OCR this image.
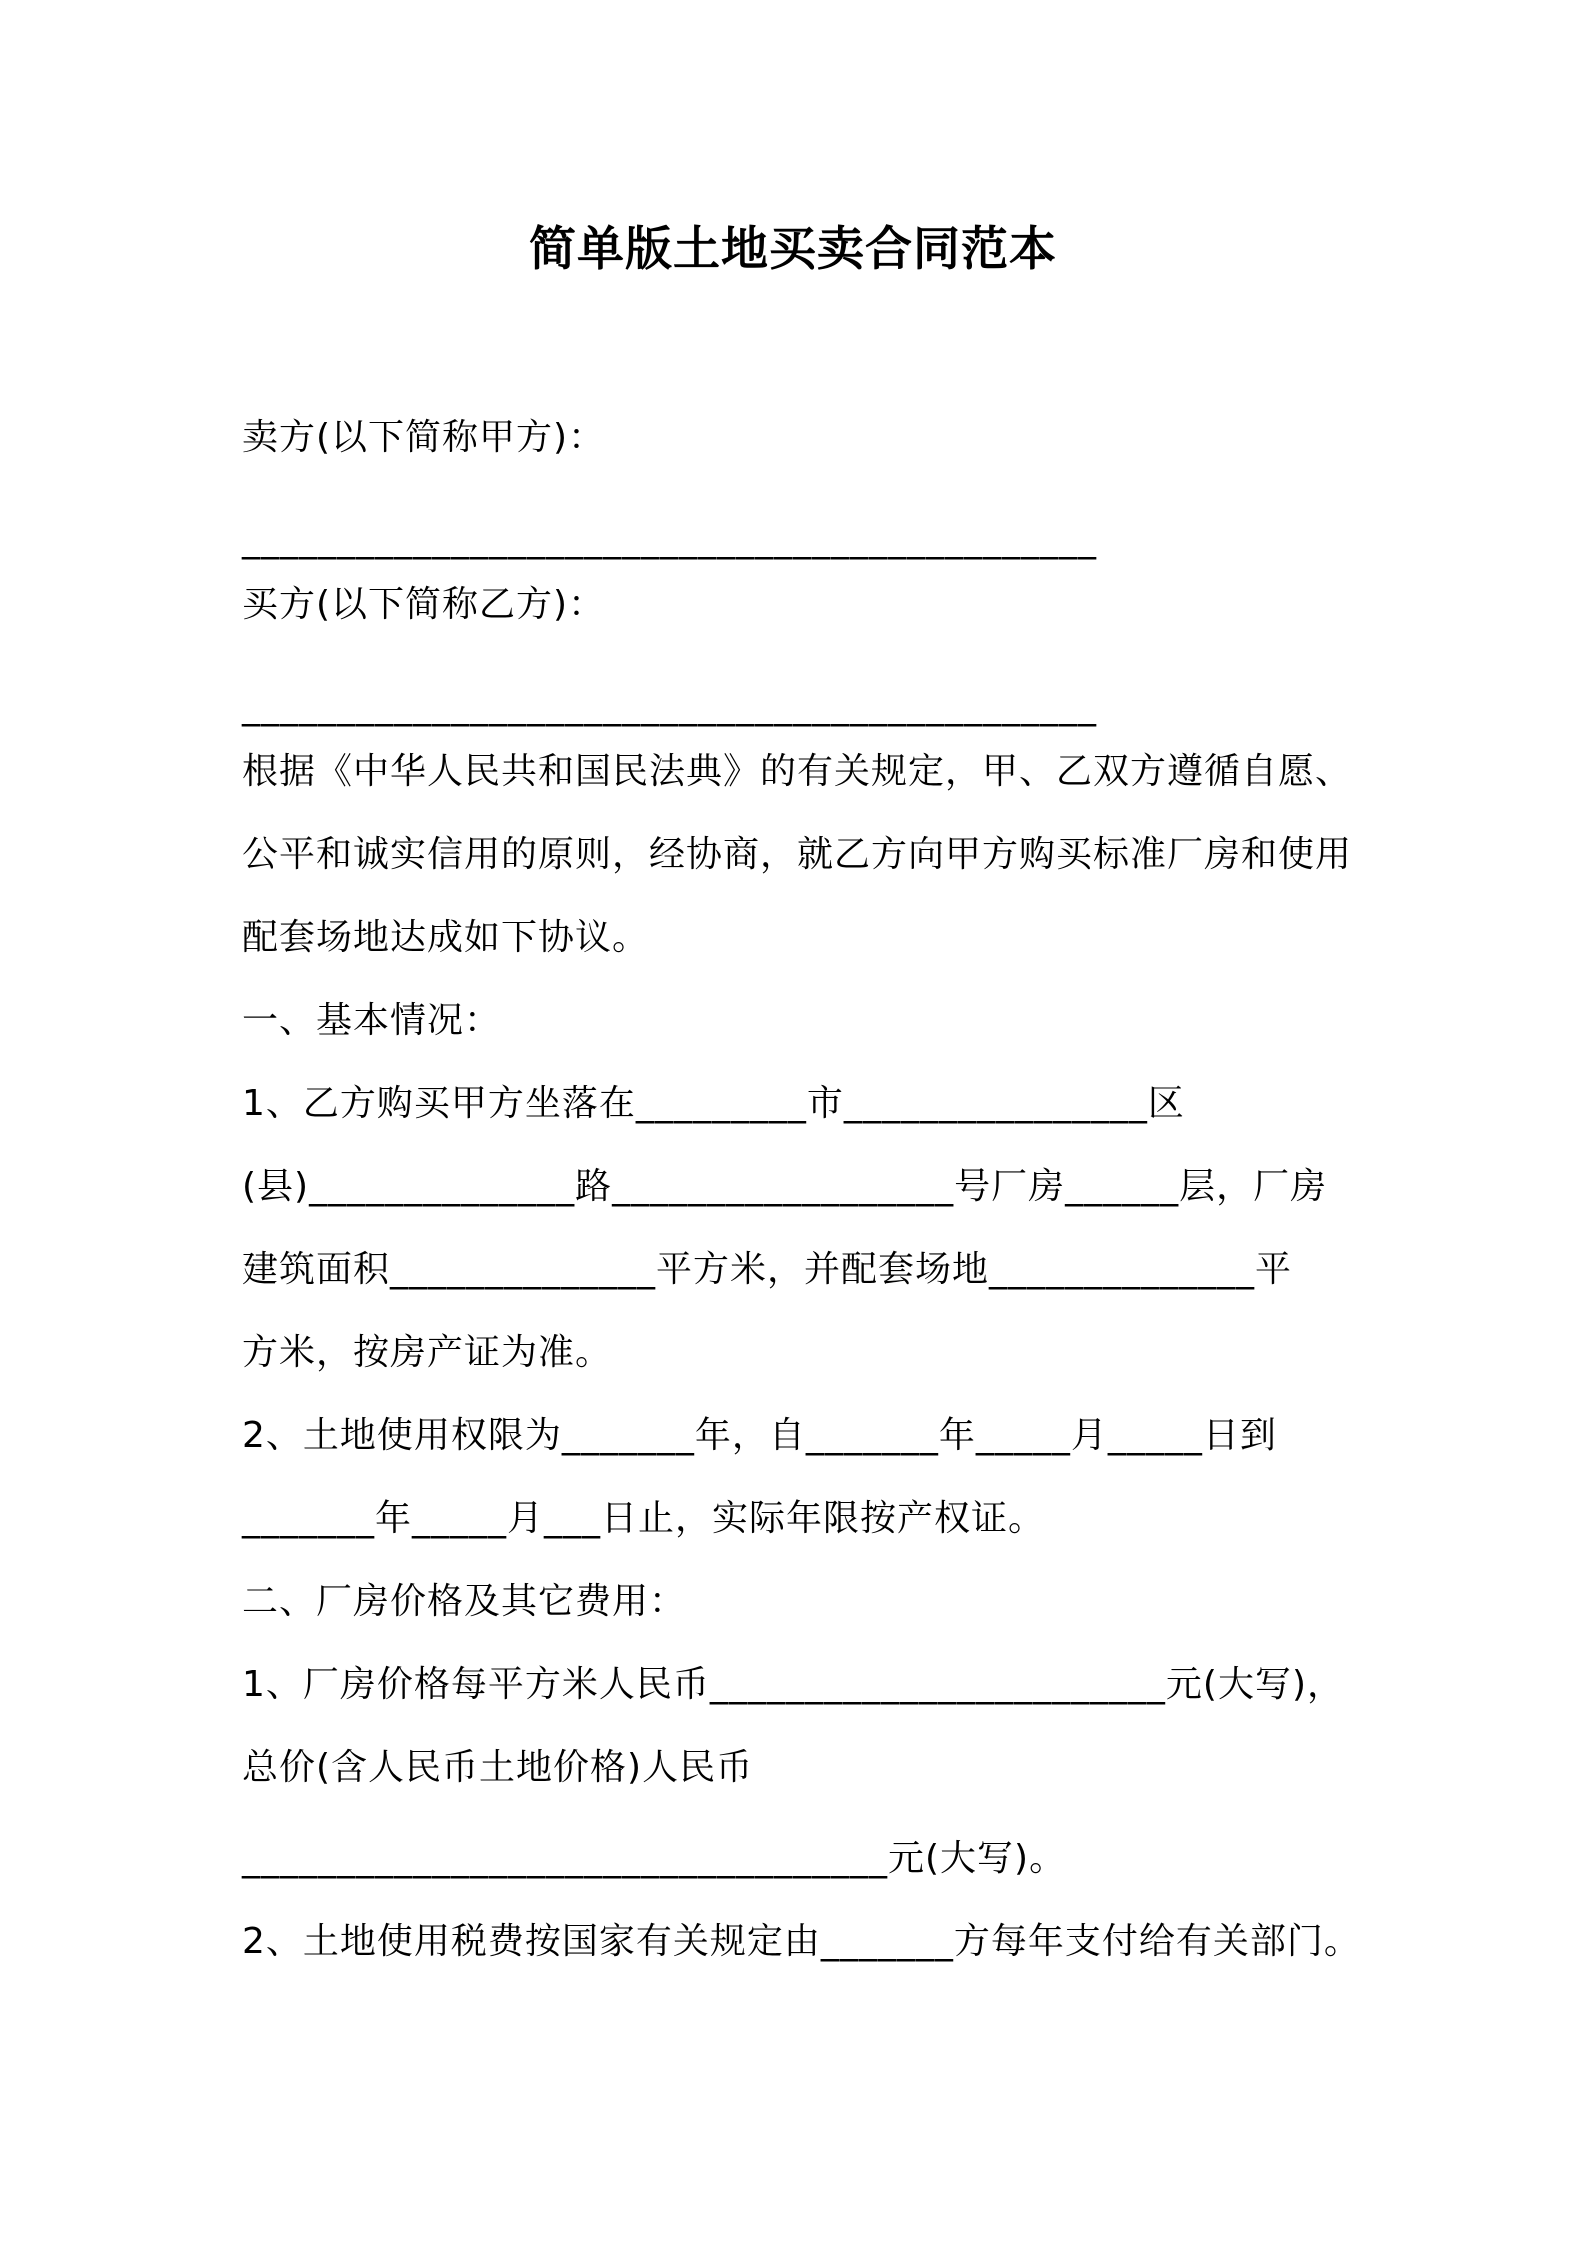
简单版土地买卖合同范本
卖方(以下简称甲方)：
_____________________________________________
买方(以下简称乙方)：
_____________________________________________
根据《中华人民共和国民法典》的有关规定，甲、乙双方遵循自愿、
公平和诚实信用的原则，经协商，就乙方向甲方购买标准厂房和使用
配套场地达成如下协议。
一、基本情况：
1、乙方购买甲方坐落在_________市________________区
(县)______________路__________________号厂房______层，厂房
建筑面积______________平方米，并配套场地______________平
方米，按房产证为准。
2、土地使用权限为_______年，自_______年_____月_____日到
_______年_____月___日止，实际年限按产权证。
二、厂房价格及其它费用：
1、厂房价格每平方米人民币________________________元(大写)，
总价(含人民币土地价格)人民币
__________________________________元(大写)。
2、土地使用税费按国家有关规定由_______方每年支付给有关部门。
